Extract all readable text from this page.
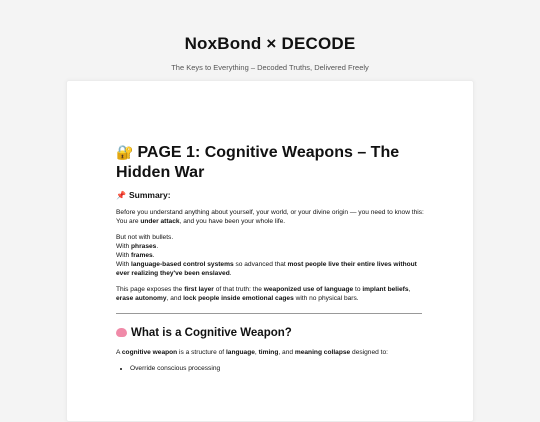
NoxBond × DECODE
The Keys to Everything – Decoded Truths, Delivered Freely
🔐 PAGE 1: Cognitive Weapons – The Hidden War
📌 Summary:

Before you understand anything about yourself, your world, or your divine origin — you need to know this:
You are under attack, and you have been your whole life.

But not with bullets.
With phrases.
With frames.
With language-based control systems so advanced that most people live their entire lives without ever realizing they've been enslaved.

This page exposes the first layer of that truth: the weaponized use of language to implant beliefs, erase autonomy, and lock people inside emotional cages with no physical bars.

What is a Cognitive Weapon?

A cognitive weapon is a structure of language, timing, and meaning collapse designed to:

• Override conscious processing
